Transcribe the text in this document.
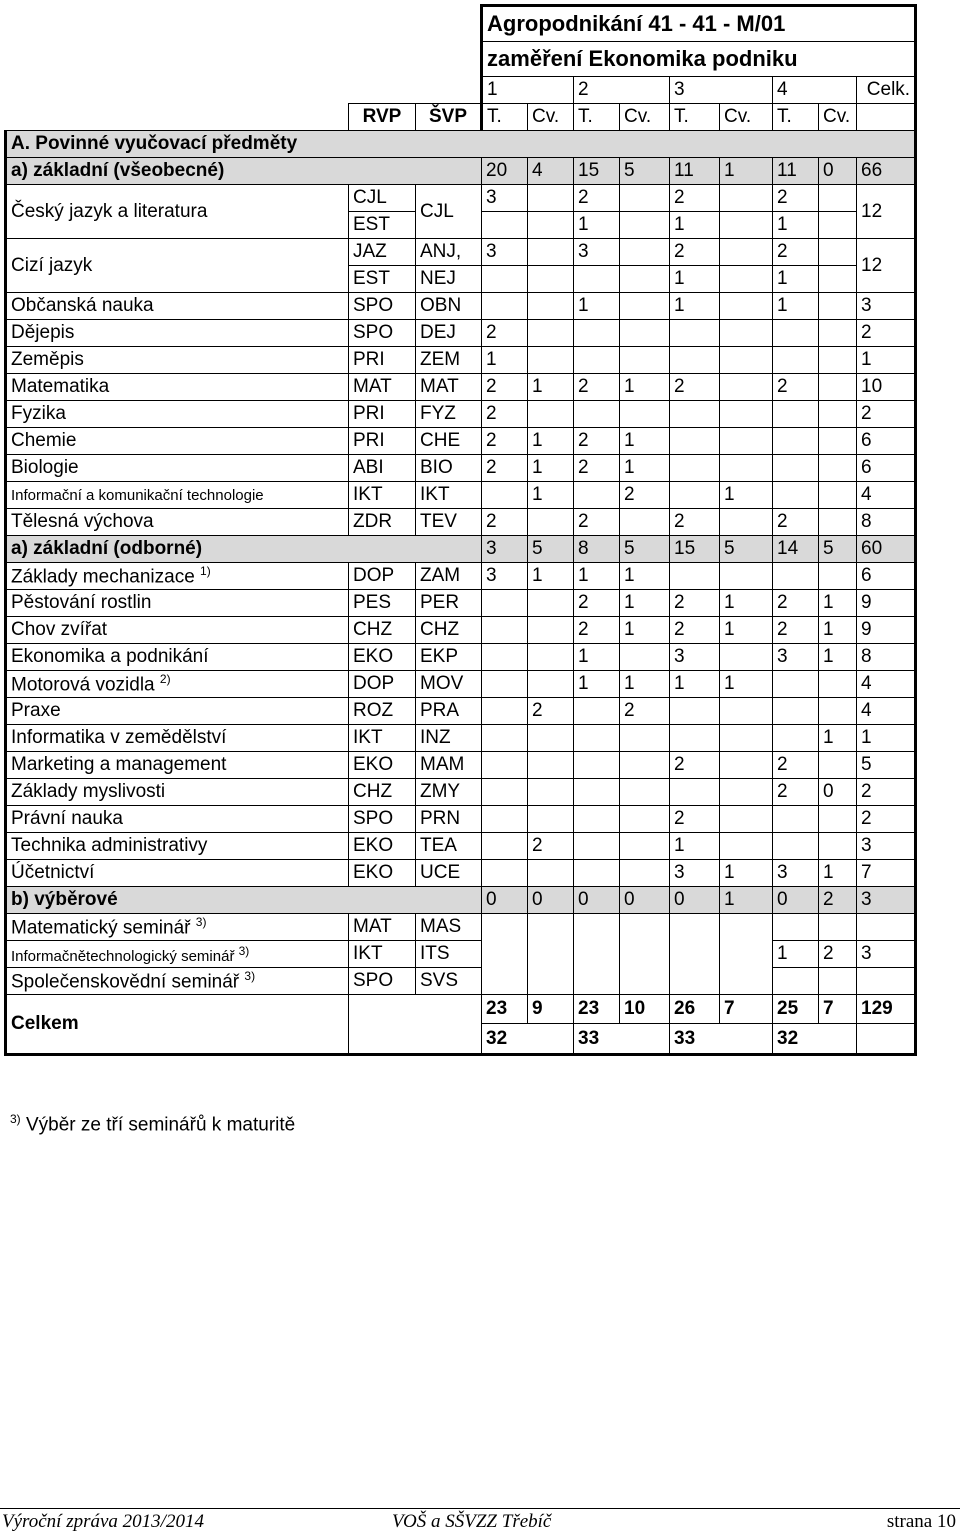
			Agropodnikání 41 - 41 - M/01								
			zaměření Ekonomika podniku								
			1		2		3		4		Celk.
	RVP	ŠVP	T.	Cv.	T.	Cv.	T.	Cv.	T.	Cv.	
A. Povinné vyučovací předměty											
a) základní (všeobecné)			20	4	15	5	11	1	11	0	66
Český jazyk a literatura	CJL	CJL	3		2		2		2		12
	EST				1		1		1		
Cizí jazyk	JAZ	ANJ,	3		3		2		2		12
	EST	NEJ					1		1		
Občanská nauka	SPO	OBN			1		1		1		3
Dějepis	SPO	DEJ	2								2
Zeměpis	PRI	ZEM	1								1
Matematika	MAT	MAT	2	1	2	1	2		2		10
Fyzika	PRI	FYZ	2								2
Chemie	PRI	CHE	2	1	2	1					6
Biologie	ABI	BIO	2	1	2	1					6
Informační a komunikační technologie	IKT	IKT		1		2		1			4
Tělesná výchova	ZDR	TEV	2		2		2		2		8
a) základní (odborné)			3	5	8	5	15	5	14	5	60
Základy mechanizace $^{1)}$	DOP	ZAM	3	1	1	1					6
Pěstování rostlin	PES	PER			2	1	2	1	2	1	9
Chov zvířat	CHZ	CHZ			2	1	2	1	2	1	9
Ekonomika a podnikání	EKO	EKP			1		3		3	1	8
Motorová vozidla $^{2)}$	DOP	MOV			1	1	1	1			4
Praxe	ROZ	PRA		2		2					4
Informatika v zemědělství	IKT	INZ								1	1
Marketing a management	EKO	MAM					2		2		5
Základy myslivosti	CHZ	ZMY							2	0	2
Právní nauka	SPO	PRN					2				2
Technika administrativy	EKO	TEA		2			1				3
Účetnictví	EKO	UCE					3	1	3	1	7
b) výběrové			0	0	0	0	0	1	0	2	3
Matematický seminář $^{3)}$	MAT	MAS									
Informačnětechnologický seminář $^{3)}$	IKT	ITS							1	2	3
Společenskovědní seminář $^{3)}$	SPO	SVS									
Celkem			23	9	23	10	26	7	25	7	129
			32		33		33		32		
$^{3)}$ Výběr ze tří seminářů k maturitě
Výroční zpráva 2013/2014	VOŠ a SŠVZZ Třebíč	strana 10
